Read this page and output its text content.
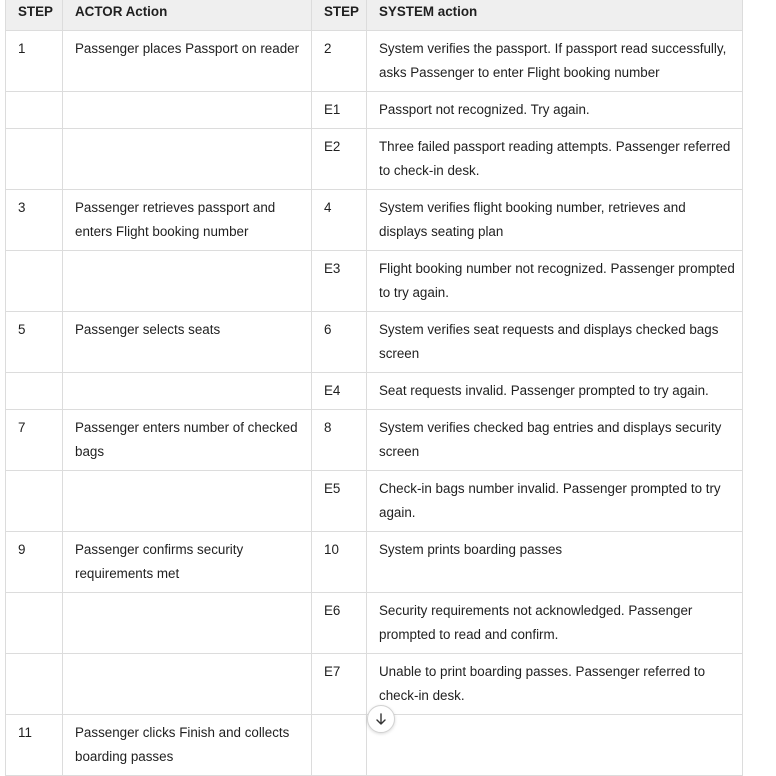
STEP	ACTOR Action	STEP	SYSTEM action
1	Passenger places Passport on reader	2	System verifies the passport. If passport read successfully, asks Passenger to enter Flight booking number
		E1	Passport not recognized. Try again.
		E2	Three failed passport reading attempts. Passenger referred to check-in desk.
3	Passenger retrieves passport and enters Flight booking number	4	System verifies flight booking number, retrieves and displays seating plan
		E3	Flight booking number not recognized. Passenger prompted to try again.
5	Passenger selects seats	6	System verifies seat requests and displays checked bags screen
		E4	Seat requests invalid. Passenger prompted to try again.
7	Passenger enters number of checked bags	8	System verifies checked bag entries and displays security screen
		E5	Check-in bags number invalid. Passenger prompted to try again.
9	Passenger confirms security requirements met	10	System prints boarding passes
		E6	Security requirements not acknowledged. Passenger prompted to read and confirm.
		E7	Unable to print boarding passes. Passenger referred to check-in desk.
11	Passenger clicks Finish and collects boarding passes		
